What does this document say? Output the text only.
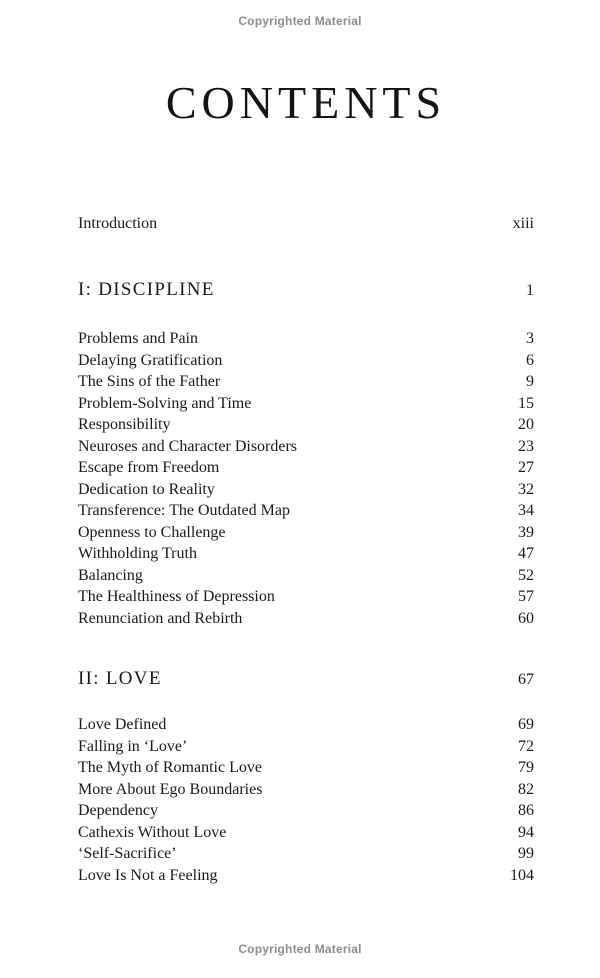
Copyrighted Material
CONTENTS
Introduction	xiii
I: DISCIPLINE	1
Problems and Pain	3
Delaying Gratification	6
The Sins of the Father	9
Problem-Solving and Time	15
Responsibility	20
Neuroses and Character Disorders	23
Escape from Freedom	27
Dedication to Reality	32
Transference: The Outdated Map	34
Openness to Challenge	39
Withholding Truth	47
Balancing	52
The Healthiness of Depression	57
Renunciation and Rebirth	60
II: LOVE	67
Love Defined	69
Falling in ‘Love’	72
The Myth of Romantic Love	79
More About Ego Boundaries	82
Dependency	86
Cathexis Without Love	94
‘Self-Sacrifice’	99
Love Is Not a Feeling	104
Copyrighted Material
